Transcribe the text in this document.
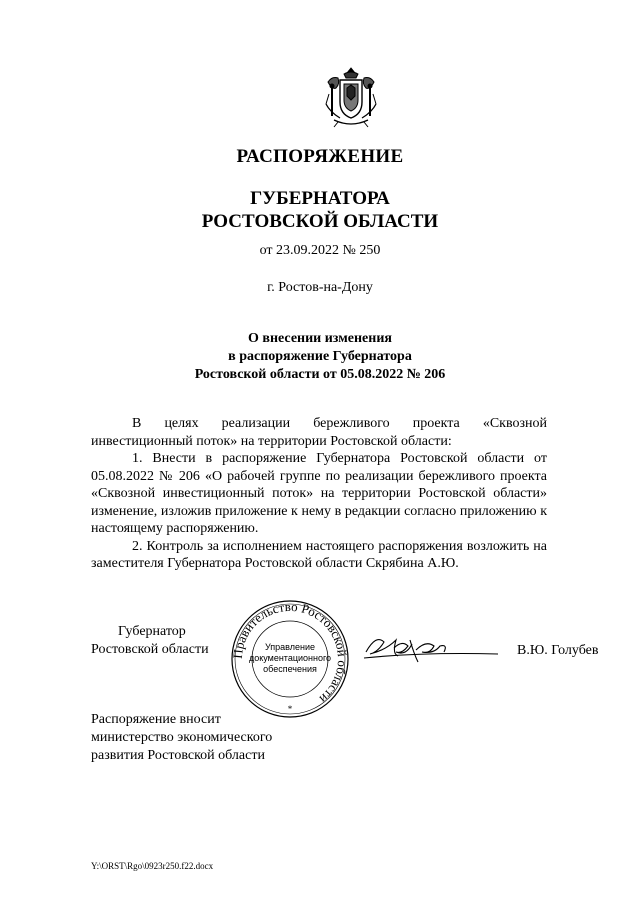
РАСПОРЯЖЕНИЕ
ГУБЕРНАТОРА
РОСТОВСКОЙ ОБЛАСТИ
от 23.09.2022 № 250
г. Ростов-на-Дону
О внесении изменения
в распоряжение Губернатора
Ростовской области от 05.08.2022 № 206

В целях реализации бережливого проекта «Сквозной инвестиционный поток» на территории Ростовской области:

1. Внести в распоряжение Губернатора Ростовской области от 05.08.2022 № 206 «О рабочей группе по реализации бережливого проекта «Сквозной инвестиционный поток» на территории Ростовской области» изменение, изложив приложение к нему в редакции согласно приложению к настоящему распоряжению.

2. Контроль за исполнением настоящего распоряжения возложить на заместителя Губернатора Ростовской области Скрябина А.Ю.

Губернатор
Ростовской области Правительство Ростовской области
Управление
документационного
обеспечения
*
В.Ю. Голубев
Распоряжение вносит
министерство экономического
развития Ростовской области
Y:\ORST\Rgo\0923r250.f22.docx
